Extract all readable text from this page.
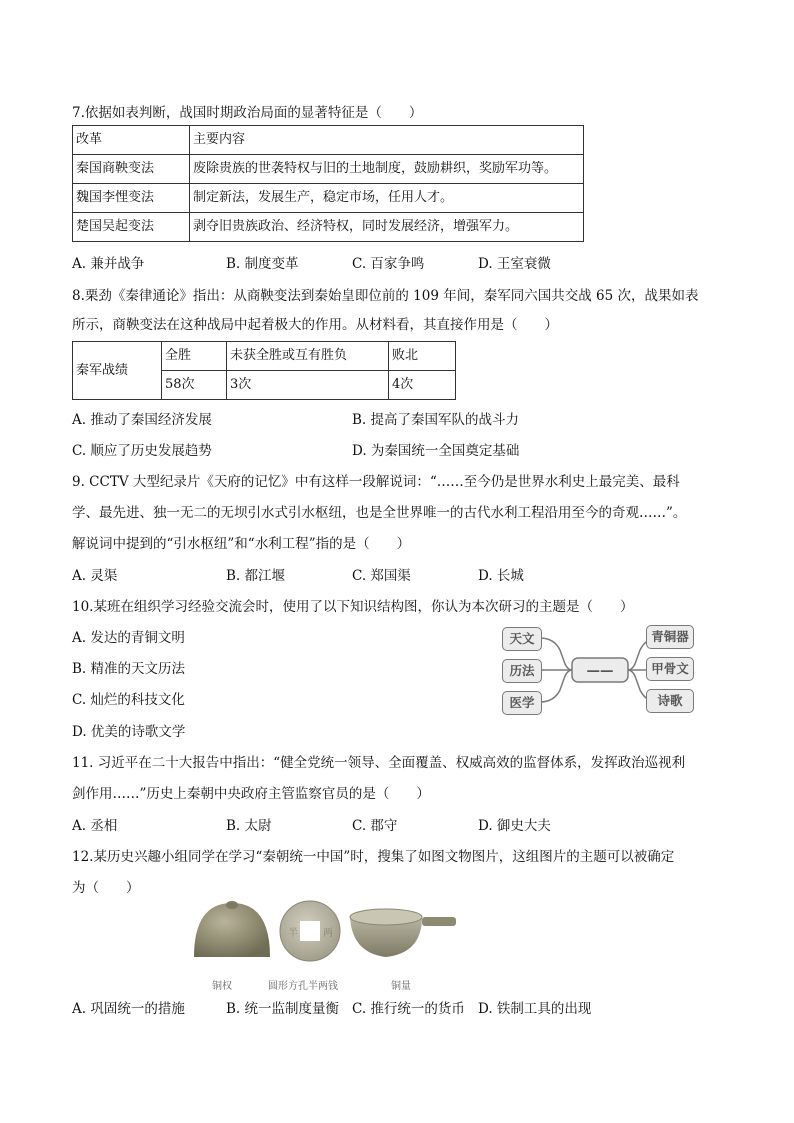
7.依据如表判断，战国时期政治局面的显著特征是（　　）
改革	主要内容
秦国商鞅变法	废除贵族的世袭特权与旧的土地制度，鼓励耕织，奖励军功等。
魏国李悝变法	制定新法，发展生产，稳定市场，任用人才。
楚国吴起变法	剥夺旧贵族政治、经济特权，同时发展经济，增强军力。
A. 兼并战争	B. 制度变革	C. 百家争鸣	D. 王室衰微
8.栗劲《秦律通论》指出：从商鞅变法到秦始皇即位前的 109 年间，秦军同六国共交战 65 次，战果如表
所示，商鞅变法在这种战局中起着极大的作用。从材料看，其直接作用是（　　）
秦军战绩	全胜	未获全胜或互有胜负	败北
	58次	3次	4次
A. 推动了秦国经济发展	B. 提高了秦国军队的战斗力
C. 顺应了历史发展趋势	D. 为秦国统一全国奠定基础
9. CCTV 大型纪录片《天府的记忆》中有这样一段解说词：“……至今仍是世界水利史上最完美、最科
学、最先进、独一无二的无坝引水式引水枢纽，也是全世界唯一的古代水利工程沿用至今的奇观……”。
解说词中提到的“引水枢纽”和“水利工程”指的是（　　）
A. 灵渠	B. 都江堰	C. 郑国渠	D. 长城
10.某班在组织学习经验交流会时，使用了以下知识结构图，你认为本次研习的主题是（　　）
A. 发达的青铜文明
B. 精准的天文历法
C. 灿烂的科技文化
D. 优美的诗歌文学
天文
历法
医学
——
青铜器
甲骨文
诗歌
11. 习近平在二十大报告中指出：“健全党统一领导、全面覆盖、权威高效的监督体系，发挥政治巡视利
剑作用……”历史上秦朝中央政府主管监察官员的是（　　）
A. 丞相	B. 太尉	C. 郡守	D. 御史大夫
12.某历史兴趣小组同学在学习“秦朝统一中国”时，搜集了如图文物图片，这组图片的主题可以被确定
为（　　）
半	两
铜权	圆形方孔半两钱	铜量
A. 巩固统一的措施	B. 统一监制度量衡 C. 推行统一的货币 D. 铁制工具的出现
